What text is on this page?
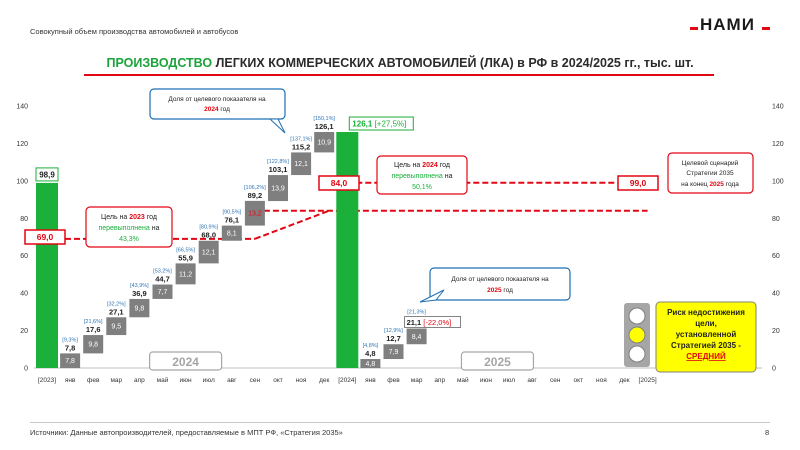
Совокупный объем производства автомобилей и автобусов	НАМИ
ПРОИЗВОДСТВО ЛЕГКИХ КОММЕРЧЕСКИХ АВТОМОБИЛЕЙ (ЛКА) в РФ в 2024/2025 гг., тыс. шт.
0	0
20	20
40	40
60	60
80	80
100	100
120	120
140	140
[2023] янв фев мар апр май июн июл авг сен окт ноя дек [2024] янв фев мар апр май июн июл авг сен окт ноя дек [2025]
7,8
9,8
9,5
9,8
7,7
11,2
12,1
8,1
13,2
13,9
12,1
10,9
4,8
7,9
8,4
7,8
[9,3%]
17,6
[21,6%]
27,1
[32,2%]
36,9
[43,9%]
44,7
[53,2%]
55,9
[66,5%]
68,0
[80,9%]
76,1
[90,5%]
89,2
[106,2%]
103,1
[122,8%]
115,2
[137,1%]
126,1
[150,1%]
4,8
[4,8%]
12,7
[12,9%]
21,1 [-22,0%]
[21,3%]
98,9
126,1 [+27,5%]
69,0
84,0	99,0
2024	2025
Доля от целевого показателя на
2024 год
Доля от целевого показателя на
2025 год
Цель на 2023 год
перевыполнена на
43,3%
Цель на 2024 год
перевыполнена на
50,1%
Целевой сценарий
Стратегии 2035
на конец 2025 года
Риск недостижения
цели,
установленной
Стратегией 2035 -
СРЕДНИЙ
Источники: Данные автопроизводителей, предоставляемые в МПТ РФ, «Стратегия 2035»	8
